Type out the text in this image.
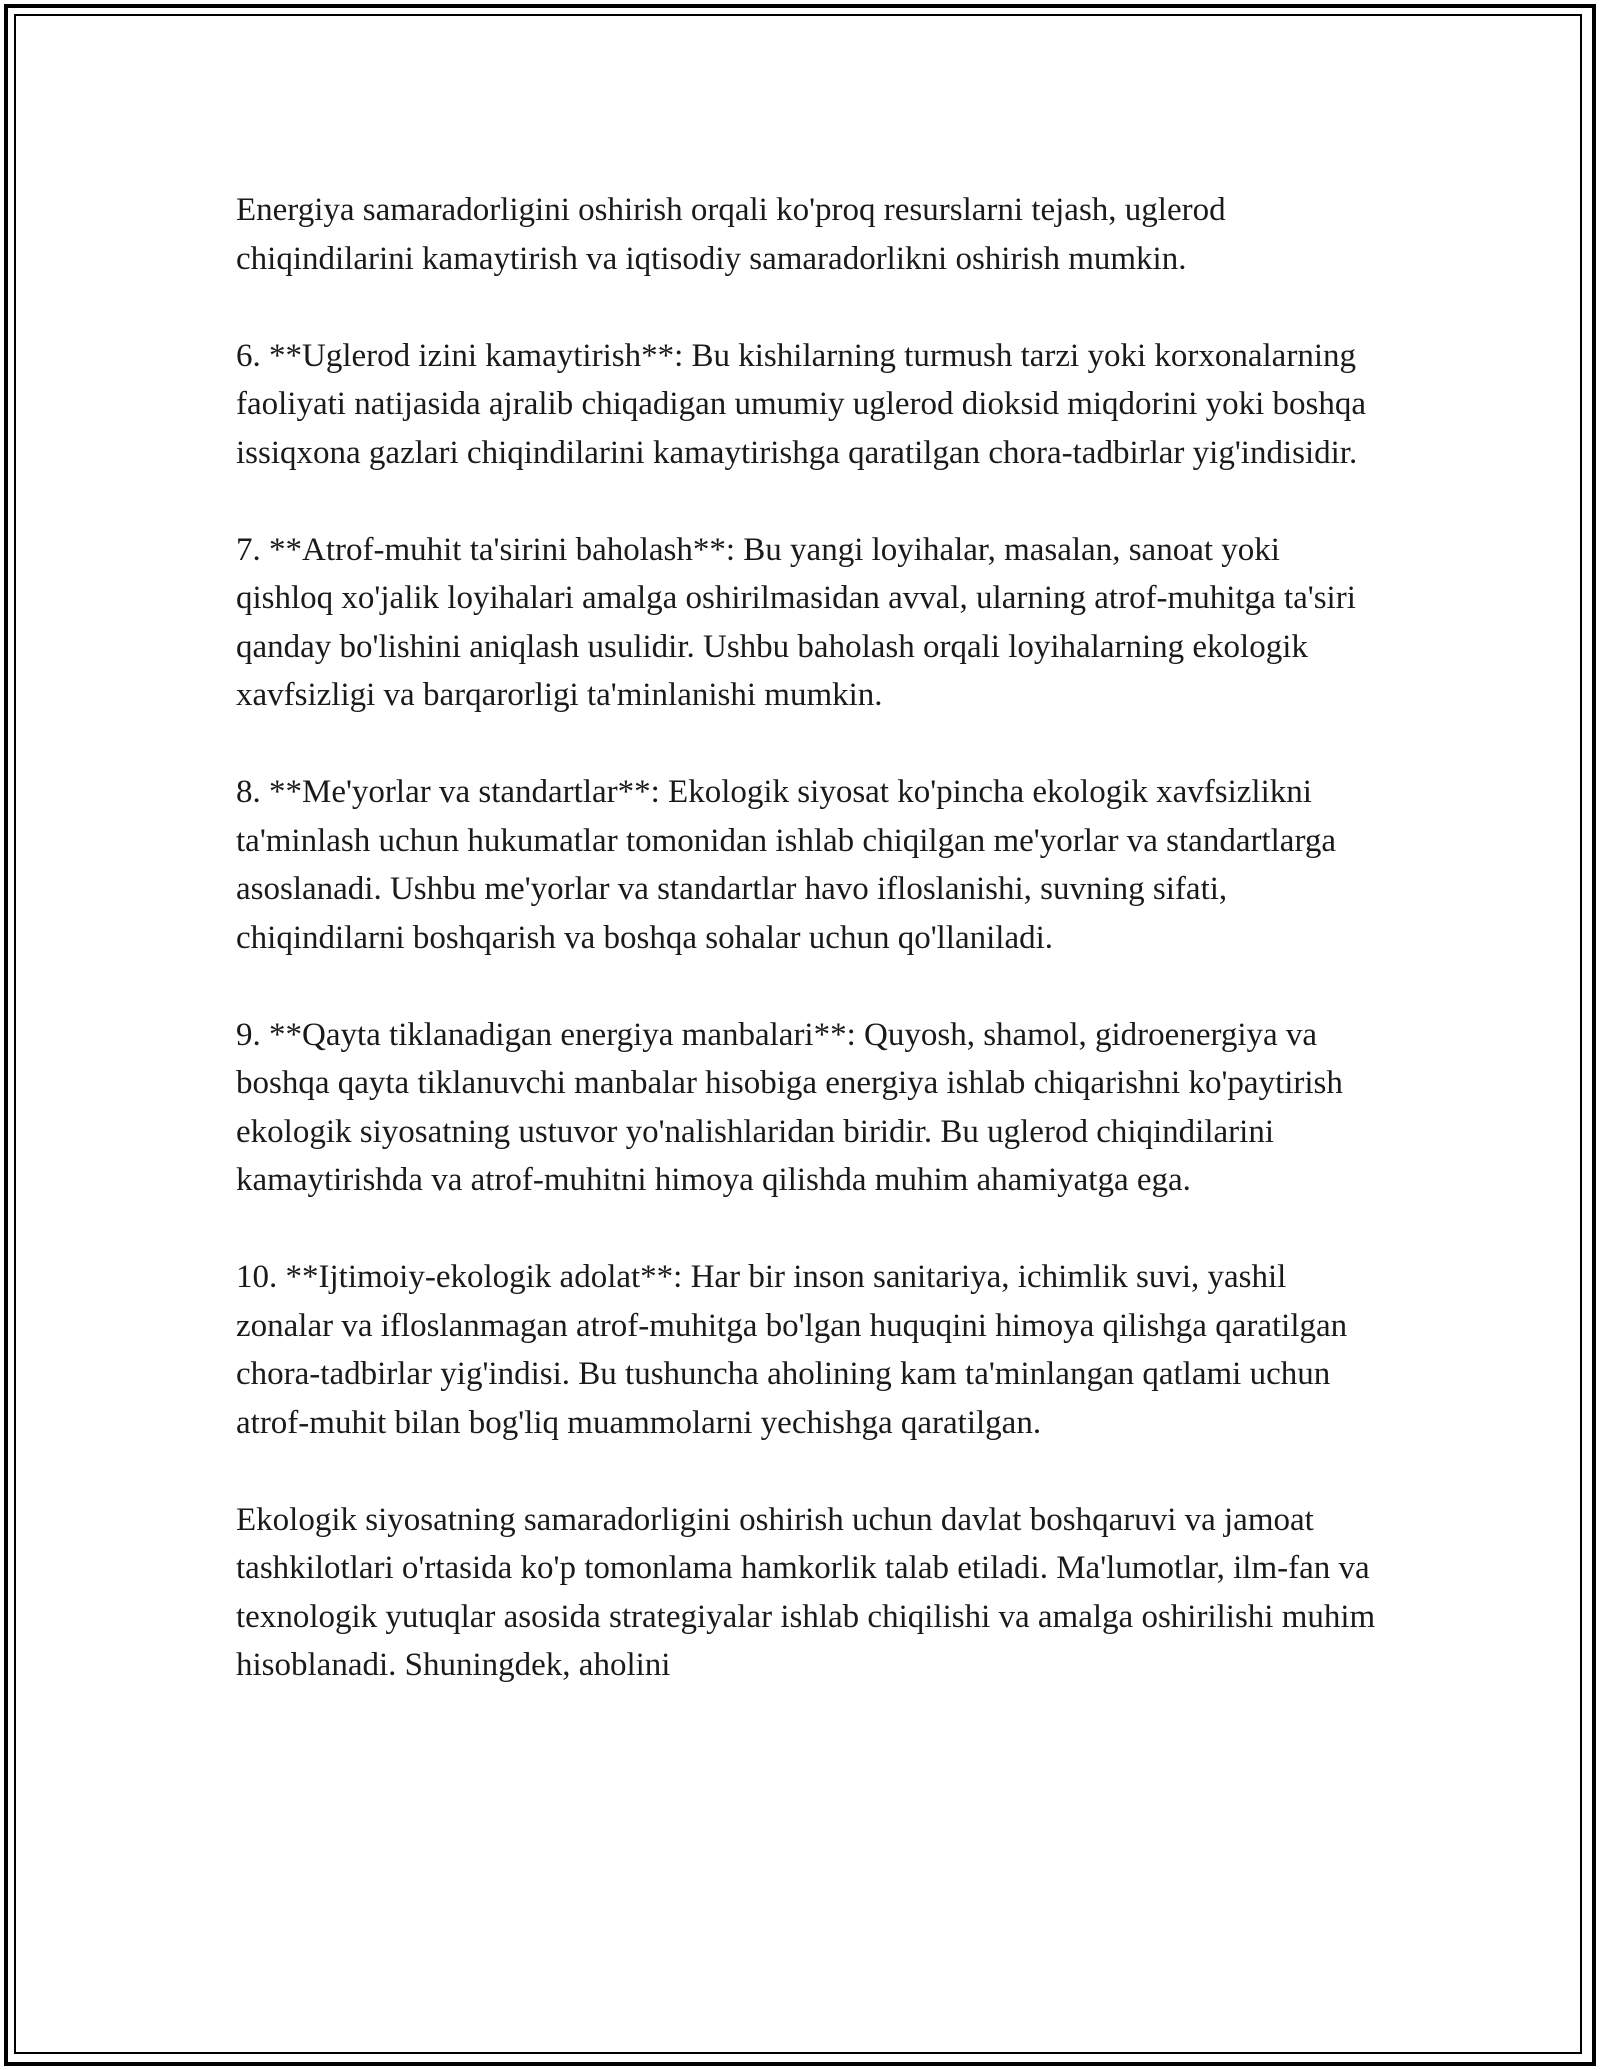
Energiya samaradorligini oshirish orqali ko'proq resurslarni tejash, uglerod chiqindilarini kamaytirish va iqtisodiy samaradorlikni oshirish mumkin.

6. **Uglerod izini kamaytirish**: Bu kishilarning turmush tarzi yoki korxonalarning faoliyati natijasida ajralib chiqadigan umumiy uglerod dioksid miqdorini yoki boshqa issiqxona gazlari chiqindilarini kamaytirishga qaratilgan chora-tadbirlar yig'indisidir.

7. **Atrof-muhit ta'sirini baholash**: Bu yangi loyihalar, masalan, sanoat yoki qishloq xo'jalik loyihalari amalga oshirilmasidan avval, ularning atrof-muhitga ta'siri qanday bo'lishini aniqlash usulidir. Ushbu baholash orqali loyihalarning ekologik xavfsizligi va barqarorligi ta'minlanishi mumkin.

8. **Me'yorlar va standartlar**: Ekologik siyosat ko'pincha ekologik xavfsizlikni ta'minlash uchun hukumatlar tomonidan ishlab chiqilgan me'yorlar va standartlarga asoslanadi. Ushbu me'yorlar va standartlar havo ifloslanishi, suvning sifati, chiqindilarni boshqarish va boshqa sohalar uchun qo'llaniladi.

9. **Qayta tiklanadigan energiya manbalari**: Quyosh, shamol, gidroenergiya va boshqa qayta tiklanuvchi manbalar hisobiga energiya ishlab chiqarishni ko'paytirish ekologik siyosatning ustuvor yo'nalishlaridan biridir. Bu uglerod chiqindilarini kamaytirishda va atrof-muhitni himoya qilishda muhim ahamiyatga ega.

10. **Ijtimoiy-ekologik adolat**: Har bir inson sanitariya, ichimlik suvi, yashil zonalar va ifloslanmagan atrof-muhitga bo'lgan huquqini himoya qilishga qaratilgan chora-tadbirlar yig'indisi. Bu tushuncha aholining kam ta'minlangan qatlami uchun atrof-muhit bilan bog'liq muammolarni yechishga qaratilgan.

Ekologik siyosatning samaradorligini oshirish uchun davlat boshqaruvi va jamoat tashkilotlari o'rtasida ko'p tomonlama hamkorlik talab etiladi. Ma'lumotlar, ilm-fan va texnologik yutuqlar asosida strategiyalar ishlab chiqilishi va amalga oshirilishi muhim hisoblanadi. Shuningdek, aholini
